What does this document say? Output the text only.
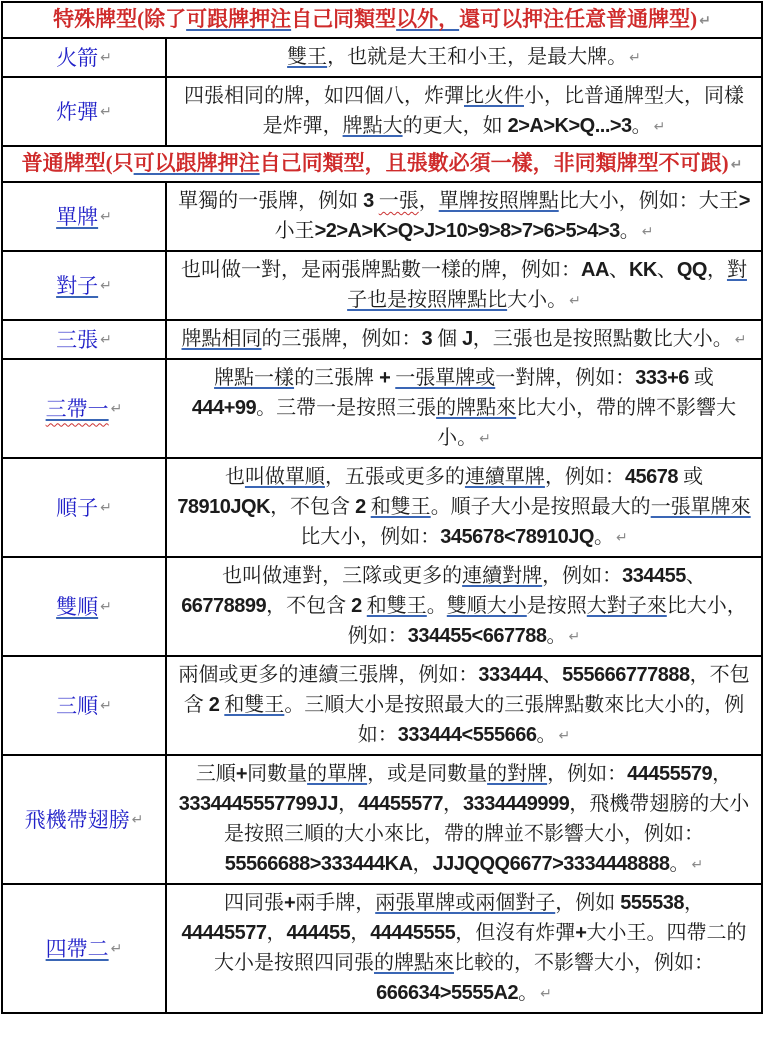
特殊牌型(除了可跟牌押注自己同類型以外，還可以押注任意普通牌型) ↵
火箭 ↵	雙王，也就是大王和小王，是最大牌。 ↵
炸彈 ↵
四張相同的牌，如四個八，炸彈比火件小，比普通牌型大，同樣是炸彈，牌點大的更大，如 2>A>K>Q...>3。 ↵
普通牌型(只可以跟牌押注自己同類型，且張數必須一樣，非同類牌型不可跟) ↵
單牌 ↵
單獨的一張牌，例如 3 一張，單牌按照牌點比大小，例如：大王>小王>2>A>K>Q>J>10>9>8>7>6>5>4>3。 ↵
對子 ↵
也叫做一對，是兩張牌點數一樣的牌，例如：AA、KK、QQ，對子也是按照牌點比大小。 ↵
三張 ↵	牌點相同的三張牌，例如：3 個 J，三張也是按照點數比大小。 ↵
三帶一 ↵
牌點一樣的三張牌 + 一張單牌或一對牌，例如：333+6 或 444+99。三帶一是按照三張的牌點來比大小，帶的牌不影響大小。 ↵
順子 ↵
也叫做單順，五張或更多的連續單牌，例如：45678 或 78910JQK，不包含 2 和雙王。順子大小是按照最大的一張單牌來比大小，例如：345678<78910JQ。 ↵
雙順 ↵
也叫做連對，三隊或更多的連續對牌，例如：334455、66778899，不包含 2 和雙王。雙順大小是按照大對子來比大小，例如：334455<667788。 ↵
三順 ↵
兩個或更多的連續三張牌，例如：333444、555666777888，不包含 2 和雙王。三順大小是按照最大的三張牌點數來比大小的，例如：333444<555666。 ↵
飛機帶翅膀 ↵
三順+同數量的單牌，或是同數量的對牌，例如：44455579，3334445557799JJ，44455577，3334449999，飛機帶翅膀的大小是按照三順的大小來比，帶的牌並不影響大小，例如：55566688>333444KA，JJJQQQ6677>3334448888。 ↵
四帶二 ↵
四同張+兩手牌，兩張單牌或兩個對子，例如 555538，44445577，444455，44445555，但沒有炸彈+大小王。四帶二的大小是按照四同張的牌點來比較的，不影響大小，例如：666634>5555A2。 ↵
